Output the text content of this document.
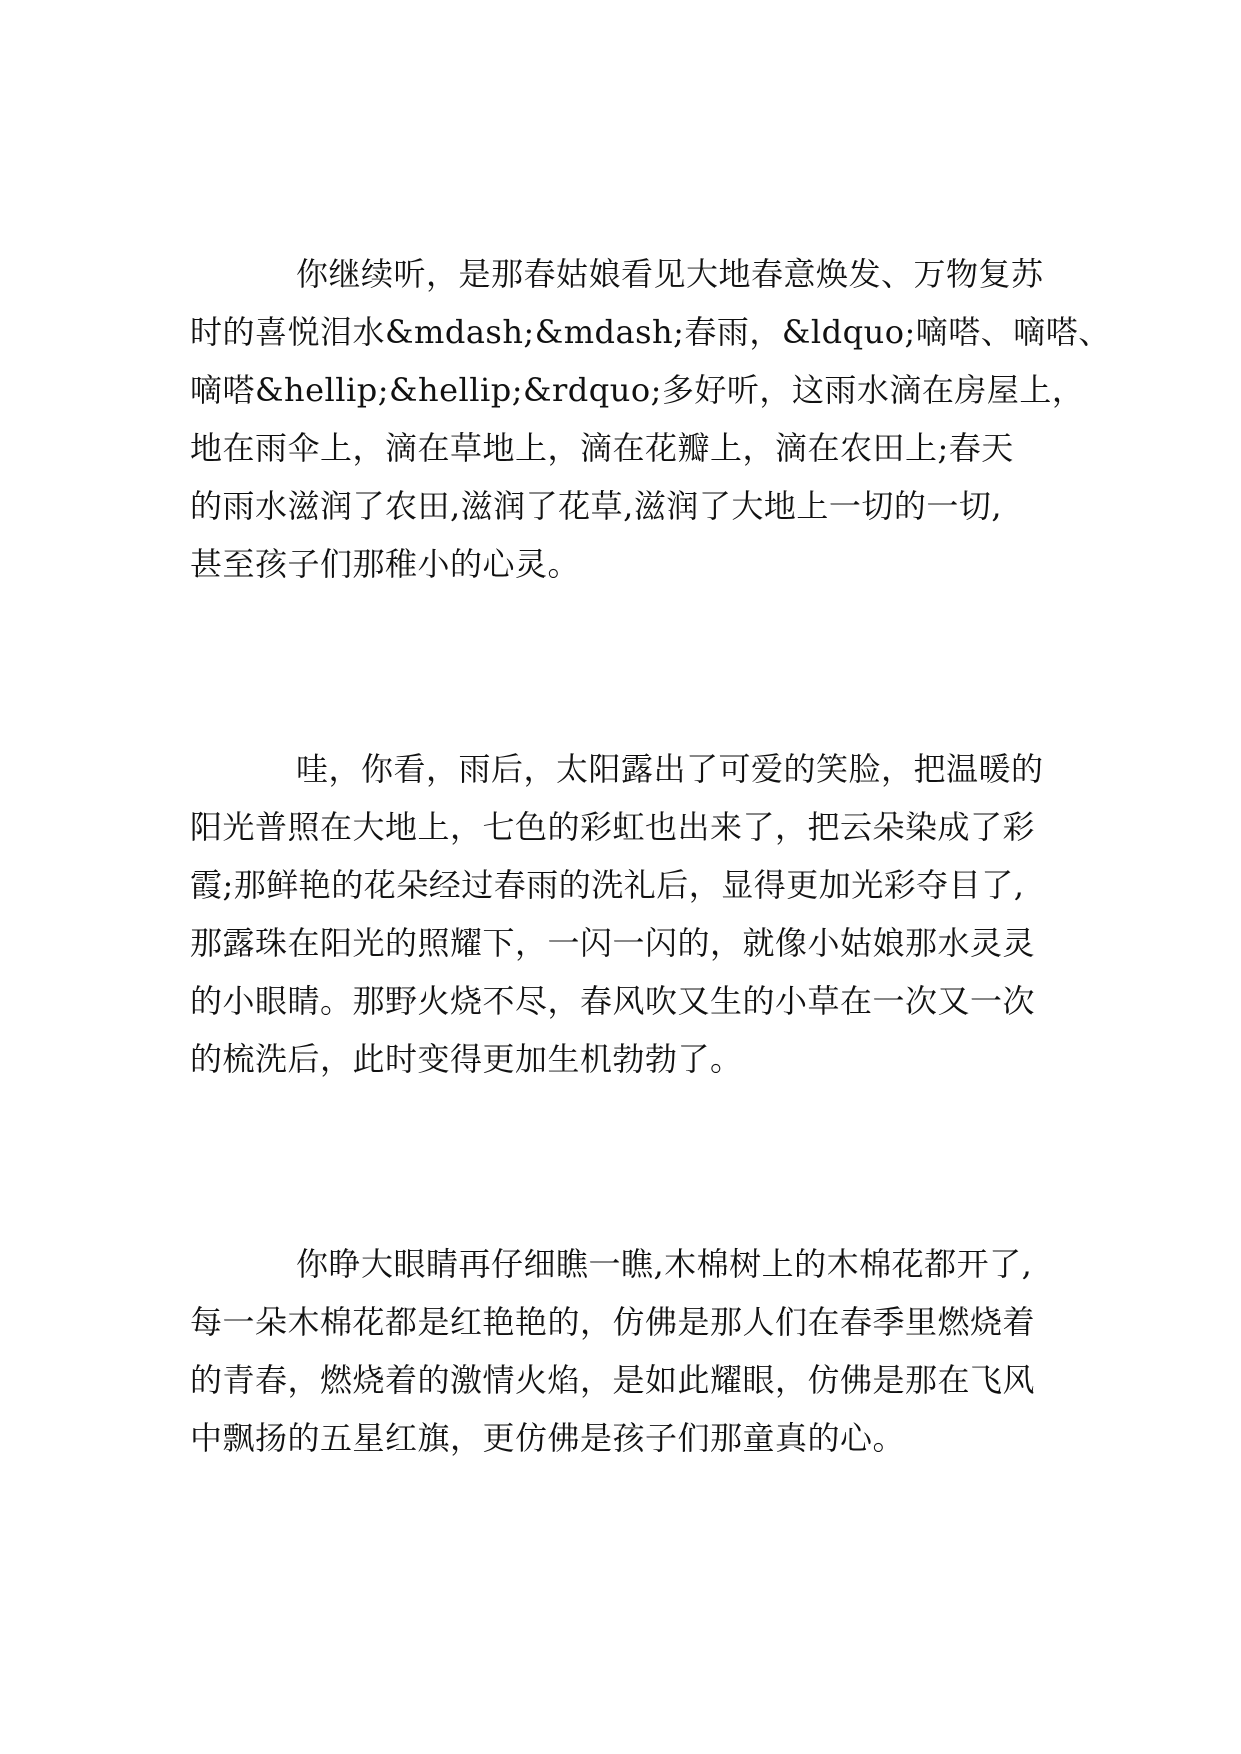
你继续听，是那春姑娘看见大地春意焕发、万物复苏
时的喜悦泪水&mdash;&mdash;春雨，&ldquo;嘀嗒、嘀嗒、
嘀嗒&hellip;&hellip;&rdquo;多好听，这雨水滴在房屋上，
地在雨伞上，滴在草地上，滴在花瓣上，滴在农田上;春天
的雨水滋润了农田,滋润了花草,滋润了大地上一切的一切,
甚至孩子们那稚小的心灵。
哇，你看，雨后，太阳露出了可爱的笑脸，把温暖的
阳光普照在大地上，七色的彩虹也出来了，把云朵染成了彩
霞;那鲜艳的花朵经过春雨的洗礼后，显得更加光彩夺目了,
那露珠在阳光的照耀下，一闪一闪的，就像小姑娘那水灵灵
的小眼睛。那野火烧不尽，春风吹又生的小草在一次又一次
的梳洗后，此时变得更加生机勃勃了。
你睁大眼睛再仔细瞧一瞧,木棉树上的木棉花都开了,
每一朵木棉花都是红艳艳的，仿佛是那人们在春季里燃烧着
的青春，燃烧着的激情火焰，是如此耀眼，仿佛是那在飞风
中飘扬的五星红旗，更仿佛是孩子们那童真的心。
